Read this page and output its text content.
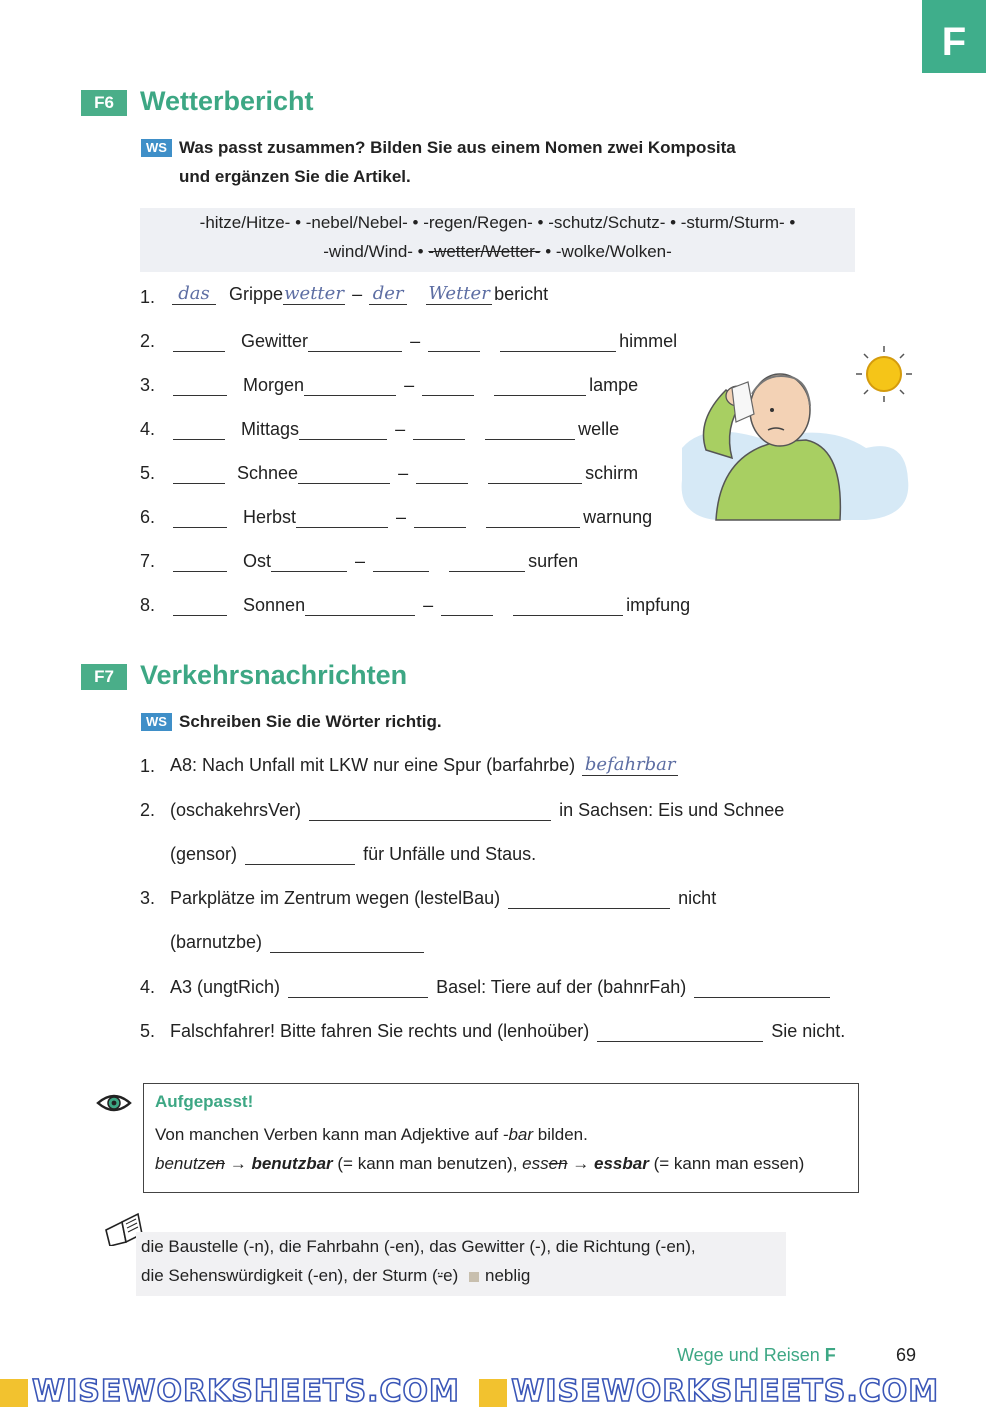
F
F6 Wetterbericht
WS Was passt zusammen? Bilden Sie aus einem Nomen zwei Komposita
und ergänzen Sie die Artikel.
-hitze/Hitze- • -nebel/Nebel- • -regen/Regen- • -schutz/Schutz- • -sturm/Sturm- •
-wind/Wind- • -wetter/Wetter- • -wolke/Wolken-
1.	das Grippewetter – der Wetter bericht
2.	Gewitter	–	himmel
3.	Morgen	–	lampe
4.	Mittags	–	welle
5.	Schnee	–	schirm
6.	Herbst	–	warnung
7.	Ost	–	surfen
8.	Sonnen	–	impfung
F7 Verkehrsnachrichten
WS Schreiben Sie die Wörter richtig.
1. A8: Nach Unfall mit LKW nur eine Spur (barfahrbe) befahrbar
2. (oschakehrsVer)	in Sachsen: Eis und Schnee
(gensor)	für Unfälle und Staus.
3. Parkplätze im Zentrum wegen (lestelBau)	nicht
(barnutzbe)
4. A3 (ungtRich)	Basel: Tiere auf der (bahnrFah)
5. Falschfahrer! Bitte fahren Sie rechts und (lenhoüber)	Sie nicht.
Aufgepasst!
Von manchen Verben kann man Adjektive auf -bar bilden.
benutzen → benutzbar (= kann man benutzen), essen → essbar (= kann man essen)
die Baustelle (-n), die Fahrbahn (-en), das Gewitter (-), die Richtung (-en),
die Sehenswürdigkeit (-en), der Sturm (⸚e) neblig
Wege und Reisen F	69
WISEWORKSHEETS.COM WISEWORKSHEETS.COM
